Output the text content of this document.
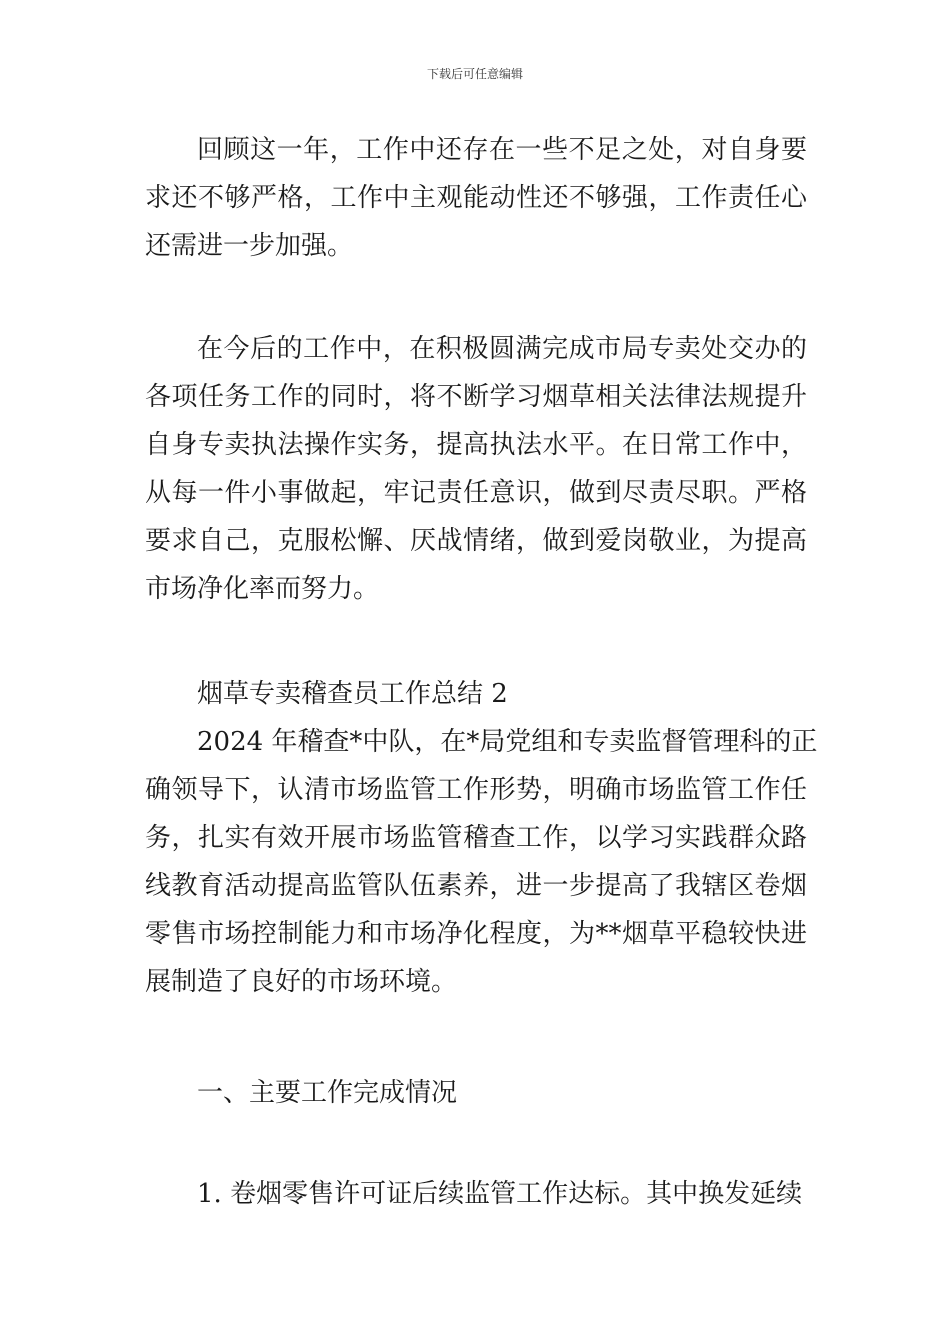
下载后可任意编辑
回顾这一年，工作中还存在一些不足之处，对自身要
求还不够严格，工作中主观能动性还不够强，工作责任心
还需进一步加强。
在今后的工作中，在积极圆满完成市局专卖处交办的
各项任务工作的同时，将不断学习烟草相关法律法规提升
自身专卖执法操作实务，提高执法水平。在日常工作中，
从每一件小事做起，牢记责任意识，做到尽责尽职。严格
要求自己，克服松懈、厌战情绪，做到爱岗敬业，为提高
市场净化率而努力。
烟草专卖稽查员工作总结 2
2024 年稽查*中队，在*局党组和专卖监督管理科的正
确领导下，认清市场监管工作形势，明确市场监管工作任
务，扎实有效开展市场监管稽查工作，以学习实践群众路
线教育活动提高监管队伍素养，进一步提高了我辖区卷烟
零售市场控制能力和市场净化程度，为**烟草平稳较快进
展制造了良好的市场环境。
一、主要工作完成情况
1. 卷烟零售许可证后续监管工作达标。其中换发延续
